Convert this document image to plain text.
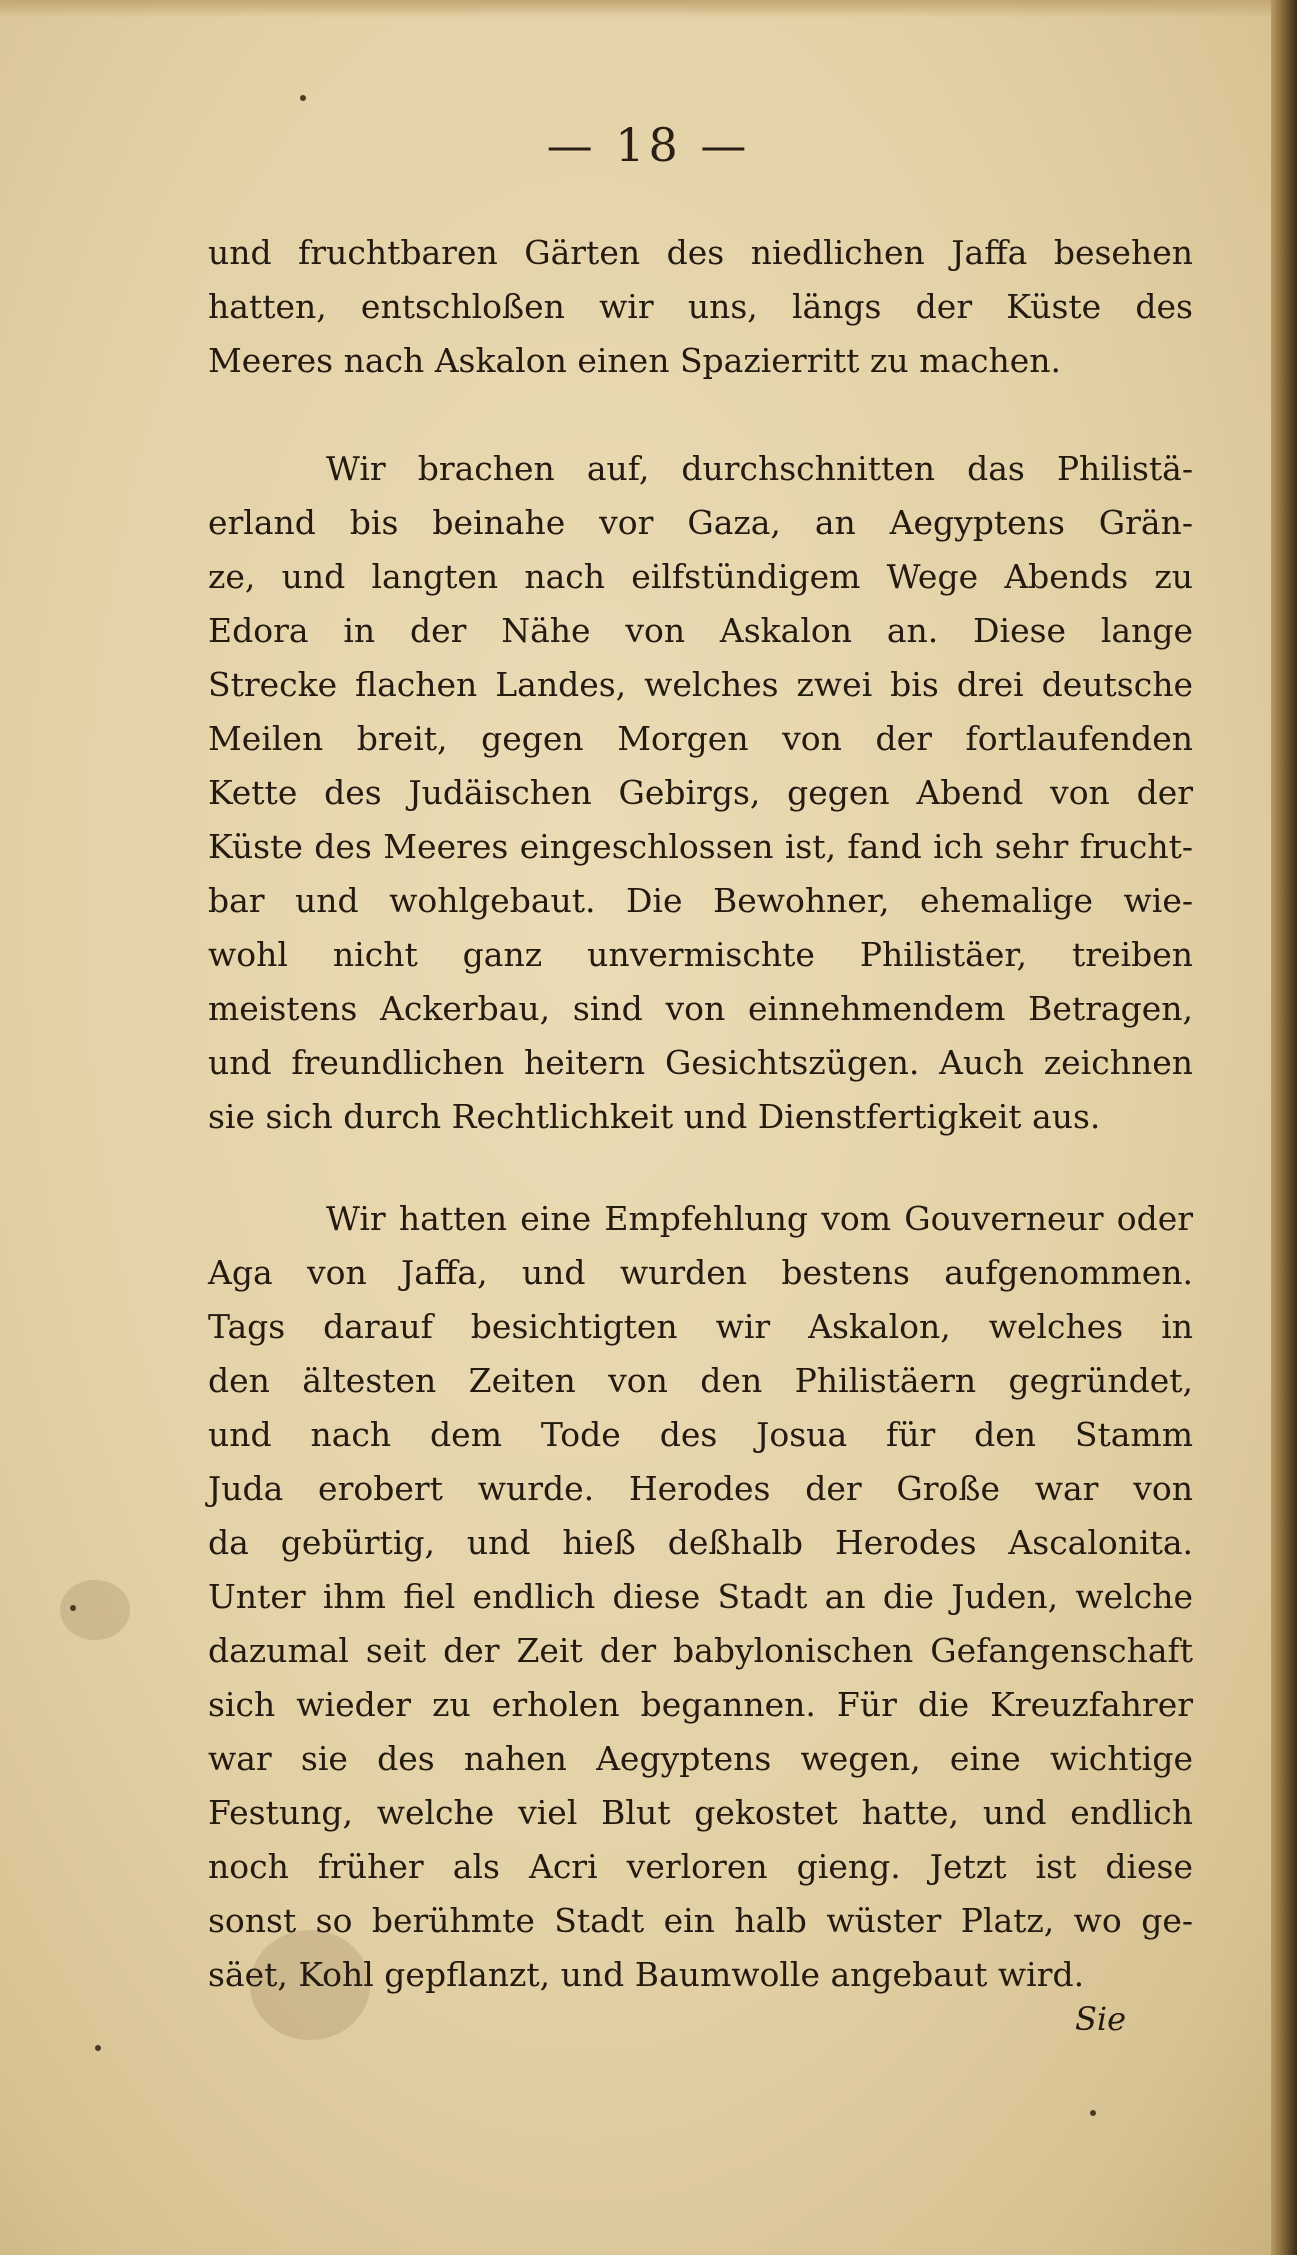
— 18 —
und fruchtbaren Gärten des niedlichen Jaffa besehen
hatten, entschloßen wir uns, längs der Küste des
Meeres nach Askalon einen Spazierritt zu machen.
Wir brachen auf, durchschnitten das Philistä-
erland bis beinahe vor Gaza, an Aegyptens Grän-
ze, und langten nach eilfstündigem Wege Abends zu
Edora in der Nähe von Askalon an. Diese lange
Strecke flachen Landes, welches zwei bis drei deutsche
Meilen breit, gegen Morgen von der fortlaufenden
Kette des Judäischen Gebirgs, gegen Abend von der
Küste des Meeres eingeschlossen ist, fand ich sehr frucht-
bar und wohlgebaut. Die Bewohner, ehemalige wie-
wohl nicht ganz unvermischte Philistäer, treiben
meistens Ackerbau, sind von einnehmendem Betragen,
und freundlichen heitern Gesichtszügen. Auch zeichnen
sie sich durch Rechtlichkeit und Dienstfertigkeit aus.
Wir hatten eine Empfehlung vom Gouverneur oder
Aga von Jaffa, und wurden bestens aufgenommen.
Tags darauf besichtigten wir Askalon, welches in
den ältesten Zeiten von den Philistäern gegründet,
und nach dem Tode des Josua für den Stamm
Juda erobert wurde. Herodes der Große war von
da gebürtig, und hieß deßhalb Herodes Ascalonita.
Unter ihm fiel endlich diese Stadt an die Juden, welche
dazumal seit der Zeit der babylonischen Gefangenschaft
sich wieder zu erholen begannen. Für die Kreuzfahrer
war sie des nahen Aegyptens wegen, eine wichtige
Festung, welche viel Blut gekostet hatte, und endlich
noch früher als Acri verloren gieng. Jetzt ist diese
sonst so berühmte Stadt ein halb wüster Platz, wo ge-
säet, Kohl gepflanzt, und Baumwolle angebaut wird.
Sie
